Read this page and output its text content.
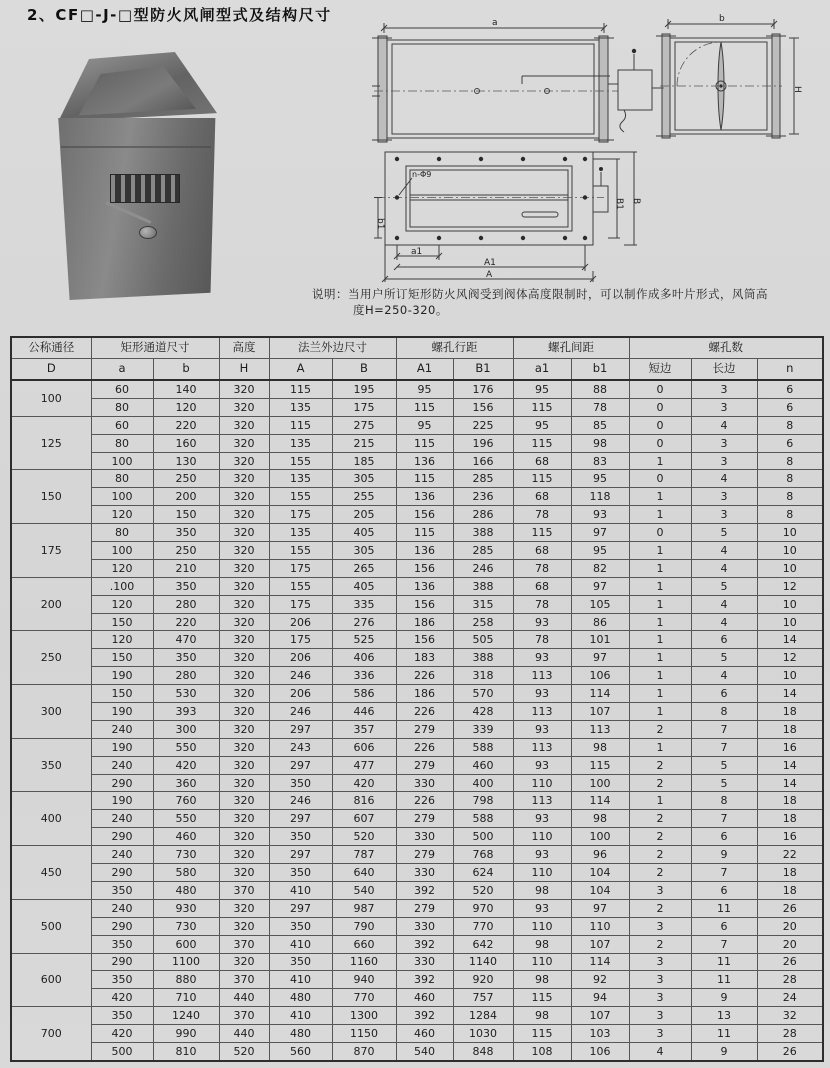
2、CF□-J-□型防火风闸型式及结构尺寸	a	b
H
n-Φ9
b1
a1
A1
A
B1 B
说明：当用户所订矩形防火风阀受到阀体高度限制时，可以制作成多叶片形式，风筒高
度H=250-320。
公称通径	矩形通道尺寸		高度	法兰外边尺寸		螺孔行距		螺孔间距		螺孔数		
D	a	b	H	A	B	A1	B1	a1	b1	短边	长边	n
100	60	140	320	115	195	95	176	95	88	0	3	6
	80	120	320	135	175	115	156	115	78	0	3	6
125	60	220	320	115	275	95	225	95	85	0	4	8
	80	160	320	135	215	115	196	115	98	0	3	6
	100	130	320	155	185	136	166	68	83	1	3	8
150	80	250	320	135	305	115	285	115	95	0	4	8
	100	200	320	155	255	136	236	68	118	1	3	8
	120	150	320	175	205	156	286	78	93	1	3	8
175	80	350	320	135	405	115	388	115	97	0	5	10
	100	250	320	155	305	136	285	68	95	1	4	10
	120	210	320	175	265	156	246	78	82	1	4	10
200	.100	350	320	155	405	136	388	68	97	1	5	12
	120	280	320	175	335	156	315	78	105	1	4	10
	150	220	320	206	276	186	258	93	86	1	4	10
250	120	470	320	175	525	156	505	78	101	1	6	14
	150	350	320	206	406	183	388	93	97	1	5	12
	190	280	320	246	336	226	318	113	106	1	4	10
300	150	530	320	206	586	186	570	93	114	1	6	14
	190	393	320	246	446	226	428	113	107	1	8	18
	240	300	320	297	357	279	339	93	113	2	7	18
350	190	550	320	243	606	226	588	113	98	1	7	16
	240	420	320	297	477	279	460	93	115	2	5	14
	290	360	320	350	420	330	400	110	100	2	5	14
400	190	760	320	246	816	226	798	113	114	1	8	18
	240	550	320	297	607	279	588	93	98	2	7	18
	290	460	320	350	520	330	500	110	100	2	6	16
450	240	730	320	297	787	279	768	93	96	2	9	22
	290	580	320	350	640	330	624	110	104	2	7	18
	350	480	370	410	540	392	520	98	104	3	6	18
500	240	930	320	297	987	279	970	93	97	2	11	26
	290	730	320	350	790	330	770	110	110	3	6	20
	350	600	370	410	660	392	642	98	107	2	7	20
600	290	1100	320	350	1160	330	1140	110	114	3	11	26
	350	880	370	410	940	392	920	98	92	3	11	28
	420	710	440	480	770	460	757	115	94	3	9	24
700	350	1240	370	410	1300	392	1284	98	107	3	13	32
	420	990	440	480	1150	460	1030	115	103	3	11	28
	500	810	520	560	870	540	848	108	106	4	9	26
